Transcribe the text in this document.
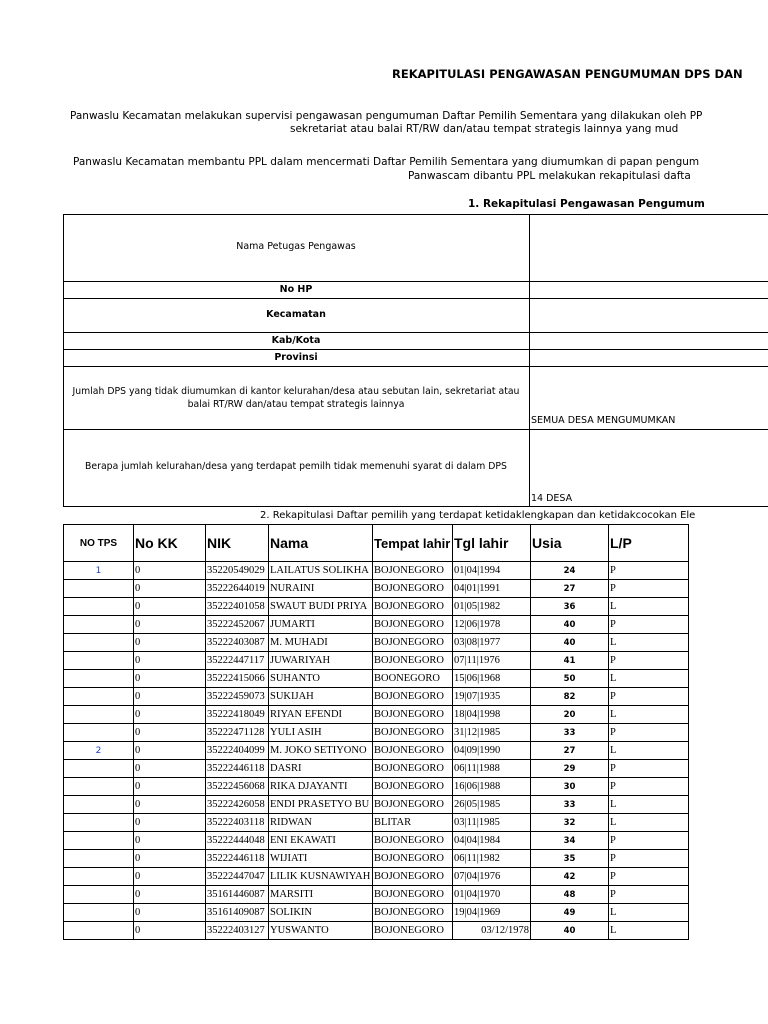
REKAPITULASI PENGAWASAN PENGUMUMAN DPS DAN
Panwaslu Kecamatan melakukan supervisi pengawasan pengumuman Daftar Pemilih Sementara yang dilakukan oleh PP
sekretariat atau balai RT/RW dan/atau tempat strategis lainnya yang mud
Panwaslu Kecamatan membantu PPL dalam mencermati Daftar Pemilih Sementara yang diumumkan di papan pengum
Panwascam dibantu PPL melakukan rekapitulasi dafta
1. Rekapitulasi Pengawasan Pengumum
Nama Petugas Pengawas
No HP
Kecamatan
Kab/Kota
Provinsi
Jumlah DPS yang tidak diumumkan di kantor kelurahan/desa atau sebutan lain, sekretariat atau
balai RT/RW dan/atau tempat strategis lainnya
SEMUA DESA MENGUMUMKAN
Berapa jumlah kelurahan/desa yang terdapat pemilh tidak memenuhi syarat di dalam DPS
14 DESA
2. Rekapitulasi Daftar pemilih yang terdapat ketidaklengkapan dan ketidakcocokan Ele
NO TPS	No KK	NIK	Nama	Tempat lahir	Tgl lahir	Usia	L/P
1	0	35220549029	LAILATUS SOLIKHA	BOJONEGORO	01|04|1994	24	P
	0	35222644019	NURAINI	BOJONEGORO	04|01|1991	27	P
	0	35222401058	SWAUT BUDI PRIYA	BOJONEGORO	01|05|1982	36	L
	0	35222452067	JUMARTI	BOJONEGORO	12|06|1978	40	P
	0	35222403087	M. MUHADI	BOJONEGORO	03|08|1977	40	L
	0	35222447117	JUWARIYAH	BOJONEGORO	07|11|1976	41	P
	0	35222415066	SUHANTO	BOONEGORO	15|06|1968	50	L
	0	35222459073	SUKIJAH	BOJONEGORO	19|07|1935	82	P
	0	35222418049	RIYAN EFENDI	BOJONEGORO	18|04|1998	20	L
	0	35222471128	YULI ASIH	BOJONEGORO	31|12|1985	33	P
2	0	35222404099	M. JOKO SETIYONO	BOJONEGORO	04|09|1990	27	L
	0	35222446118	DASRI	BOJONEGORO	06|11|1988	29	P
	0	35222456068	RIKA DJAYANTI	BOJONEGORO	16|06|1988	30	P
	0	35222426058	ENDI PRASETYO BU	BOJONEGORO	26|05|1985	33	L
	0	35222403118	RIDWAN	BLITAR	03|11|1985	32	L
	0	35222444048	ENI EKAWATI	BOJONEGORO	04|04|1984	34	P
	0	35222446118	WIJIATI	BOJONEGORO	06|11|1982	35	P
	0	35222447047	LILIK KUSNAWIYAH	BOJONEGORO	07|04|1976	42	P
	0	35161446087	MARSITI	BOJONEGORO	01|04|1970	48	P
	0	35161409087	SOLIKIN	BOJONEGORO	19|04|1969	49	L
	0	35222403127	YUSWANTO	BOJONEGORO	03/12/1978	40	L
